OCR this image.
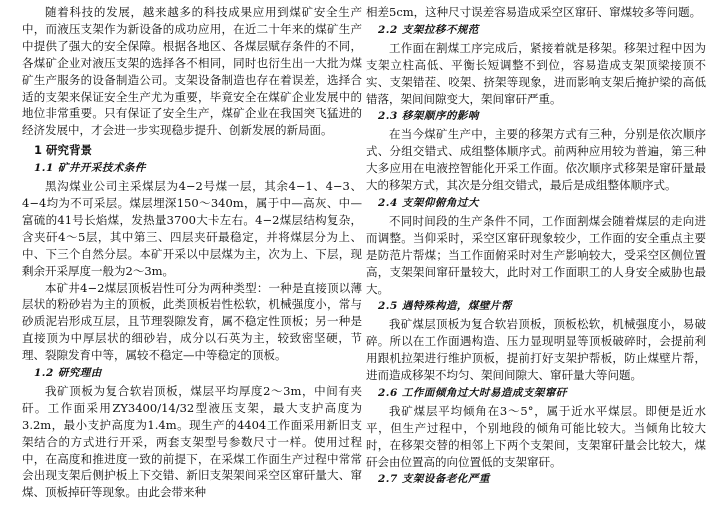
随着科技的发展，越来越多的科技成果应用到煤矿安全生产中，而液压支架作为新设备的成功应用，在近二十年来的煤矿生产中提供了强大的安全保障。根据各地区、各煤层赋存条件的不同，各煤矿企业对液压支架的选择各不相同，同时也衍生出一大批为煤矿生产服务的设备制造公司。支架设备制造也存在着误差，选择合适的支架来保证安全生产尤为重要，毕竟安全在煤矿企业发展中的地位非常重要。只有保证了安全生产，煤矿企业在我国突飞猛进的经济发展中，才会进一步实现稳步提升、创新发展的新局面。

1 研究背景
1.1 矿井开采技术条件

黑沟煤业公司主采煤层为4−2号煤一层，其余4−1、4−3、4−4均为不可采层。煤层埋深150～340m，属于中—高灰、中—富硫的41号长焰煤，发热量3700大卡左右。4−2煤层结构复杂，含夹矸4～5层，其中第三、四层夹矸最稳定，并将煤层分为上、中、下三个自然分层。本矿开采以中层煤为主，次为上、下层，现剩余开采厚度一般为2～3m。

本矿井4−2煤层顶板岩性可分为两种类型：一种是直接顶以薄层状的粉砂岩为主的顶板，此类顶板岩性松软，机械强度小，常与砂质泥岩形成互层，且节理裂隙发育，属不稳定性顶板；另一种是直接顶为中厚层状的细砂岩，成分以石英为主，较致密坚硬，节理、裂隙发育中等，属较不稳定—中等稳定的顶板。

1.2 研究理由

我矿顶板为复合软岩顶板，煤层平均厚度2～3m，中间有夹矸。工作面采用ZY3400/14/32型液压支架，最大支护高度为3.2m，最小支护高度为1.4m。现生产的4404工作面采用新旧支架结合的方式进行开采，两套支架型号参数尺寸一样。使用过程中，在高度和推进度一致的前提下，在采煤工作面生产过程中常常会出现支架后侧护板上下交错、新旧支架架间采空区窜矸量大、窜煤、顶板掉矸等现象。由此会带来种

相差5cm，这种尺寸误差容易造成采空区窜矸、窜煤较多等问题。

2.2 支架拉移不规范

工作面在割煤工序完成后，紧接着就是移架。移架过程中因为支架立柱高低、平衡长短调整不到位，容易造成支架顶梁接顶不实、支架错茬、咬架、挤架等现象，进而影响支架后掩护梁的高低错落，架间间隙变大，架间窜矸严重。

2.3 移架顺序的影响

在当今煤矿生产中，主要的移架方式有三种，分别是依次顺序式、分组交错式、成组整体顺序式。前两种应用较为普遍，第三种大多应用在电液控智能化开采工作面。依次顺序式移架是窜矸量最大的移架方式，其次是分组交错式，最后是成组整体顺序式。

2.4 支架仰俯角过大

不同时间段的生产条件不同，工作面割煤会随着煤层的走向进而调整。当仰采时，采空区窜矸现象较少，工作面的安全重点主要是防范片帮煤；当工作面俯采时对生产影响较大，受采空区侧位置高，支架架间窜矸量较大，此时对工作面职工的人身安全威胁也最大。

2.5 遇特殊构造，煤壁片帮

我矿煤层顶板为复合软岩顶板，顶板松软，机械强度小，易破碎。所以在工作面遇构造、压力显现明显等顶板破碎时，会提前利用跟机拉架进行维护顶板，提前打好支架护帮板，防止煤壁片帮，进而造成移架不均匀、架间间隙大、窜矸量大等问题。

2.6 工作面倾角过大时易造成支架窜矸

我矿煤层平均倾角在3～5°，属于近水平煤层。即便是近水平，但生产过程中，个别地段的倾角可能比较大。当倾角比较大时，在移架交替的相邻上下两个支架间，支架窜矸量会比较大，煤矸会由位置高的向位置低的支架窜矸。

2.7 支架设备老化严重
